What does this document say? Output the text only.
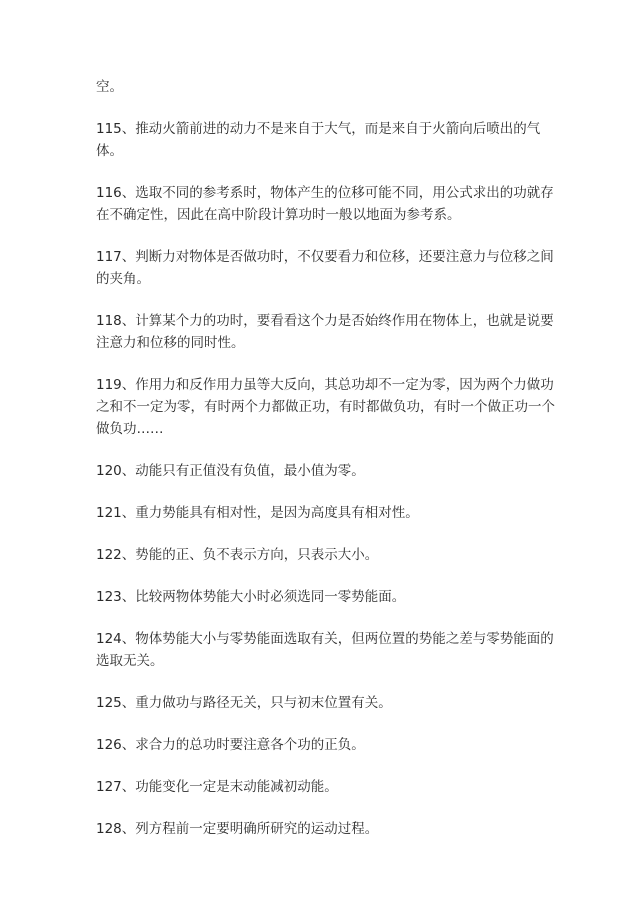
空。

115、推动火箭前进的动力不是来自于大气，而是来自于火箭向后喷出的气体。

116、选取不同的参考系时，物体产生的位移可能不同，用公式求出的功就存在不确定性，因此在高中阶段计算功时一般以地面为参考系。

117、判断力对物体是否做功时，不仅要看力和位移，还要注意力与位移之间的夹角。

118、计算某个力的功时，要看看这个力是否始终作用在物体上，也就是说要注意力和位移的同时性。

119、作用力和反作用力虽等大反向，其总功却不一定为零，因为两个力做功之和不一定为零，有时两个力都做正功，有时都做负功，有时一个做正功一个做负功……

120、动能只有正值没有负值，最小值为零。

121、重力势能具有相对性，是因为高度具有相对性。

122、势能的正、负不表示方向，只表示大小。

123、比较两物体势能大小时必须选同一零势能面。

124、物体势能大小与零势能面选取有关，但两位置的势能之差与零势能面的选取无关。

125、重力做功与路径无关，只与初末位置有关。

126、求合力的总功时要注意各个功的正负。

127、功能变化一定是末动能减初动能。

128、列方程前一定要明确所研究的运动过程。
